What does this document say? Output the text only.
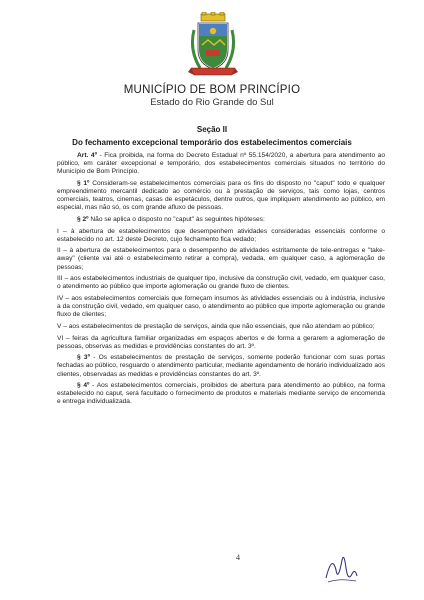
MUNICÍPIO DE BOM PRINCÍPIO
Estado do Rio Grande do Sul
Seção II
Do fechamento excepcional temporário dos estabelecimentos comerciais

Art. 4º - Fica proibida, na forma do Decreto Estadual nº 55.154/2020, a abertura para atendimento ao público, em caráter excepcional e temporário, dos estabelecimentos comerciais situados no território do Município de Bom Princípio.

§ 1º Consideram-se estabelecimentos comerciais para os fins do disposto no "caput" todo e qualquer empreendimento mercantil dedicado ao comércio ou à prestação de serviços, tais como lojas, centros comerciais, teatros, cinemas, casas de espetáculos, dentre outros, que impliquem atendimento ao público, em especial, mas não só, os com grande afluxo de pessoas.

§ 2º Não se aplica o disposto no "caput" às seguintes hipóteses:

I – à abertura de estabelecimentos que desempenhem atividades consideradas essenciais conforme o estabelecido no art. 12 deste Decreto, cujo fechamento fica vedado;

II – à abertura de estabelecimentos para o desempenho de atividades estritamente de tele-entregas e "take-away" (cliente vai até o estabelecimento retirar a compra), vedada, em qualquer caso, a aglomeração de pessoas;

III – aos estabelecimentos industriais de qualquer tipo, inclusive da construção civil, vedado, em qualquer caso, o atendimento ao público que importe aglomeração ou grande fluxo de clientes.

IV – aos estabelecimentos comerciais que forneçam insumos às atividades essenciais ou à indústria, inclusive a da construção civil, vedado, em qualquer caso, o atendimento ao público que importe aglomeração ou grande fluxo de clientes;

V – aos estabelecimentos de prestação de serviços, ainda que não essenciais, que não atendam ao público;

VI – feiras da agricultura familiar organizadas em espaços abertos e de forma a gerarem a aglomeração de pessoas, observas as medidas e providências constantes do art. 3º.

§ 3º - Os estabelecimentos de prestação de serviços, somente poderão funcionar com suas portas fechadas ao público, resguardo o atendimento particular, mediante agendamento de horário individualizado aos clientes, observadas as medidas e providências constantes do art. 3º.

§ 4º - Aos estabelecimentos comerciais, proibidos de abertura para atendimento ao público, na forma estabelecido no caput, será facultado o fornecimento de produtos e materiais mediante serviço de encomenda e entrega individualizada.

4
